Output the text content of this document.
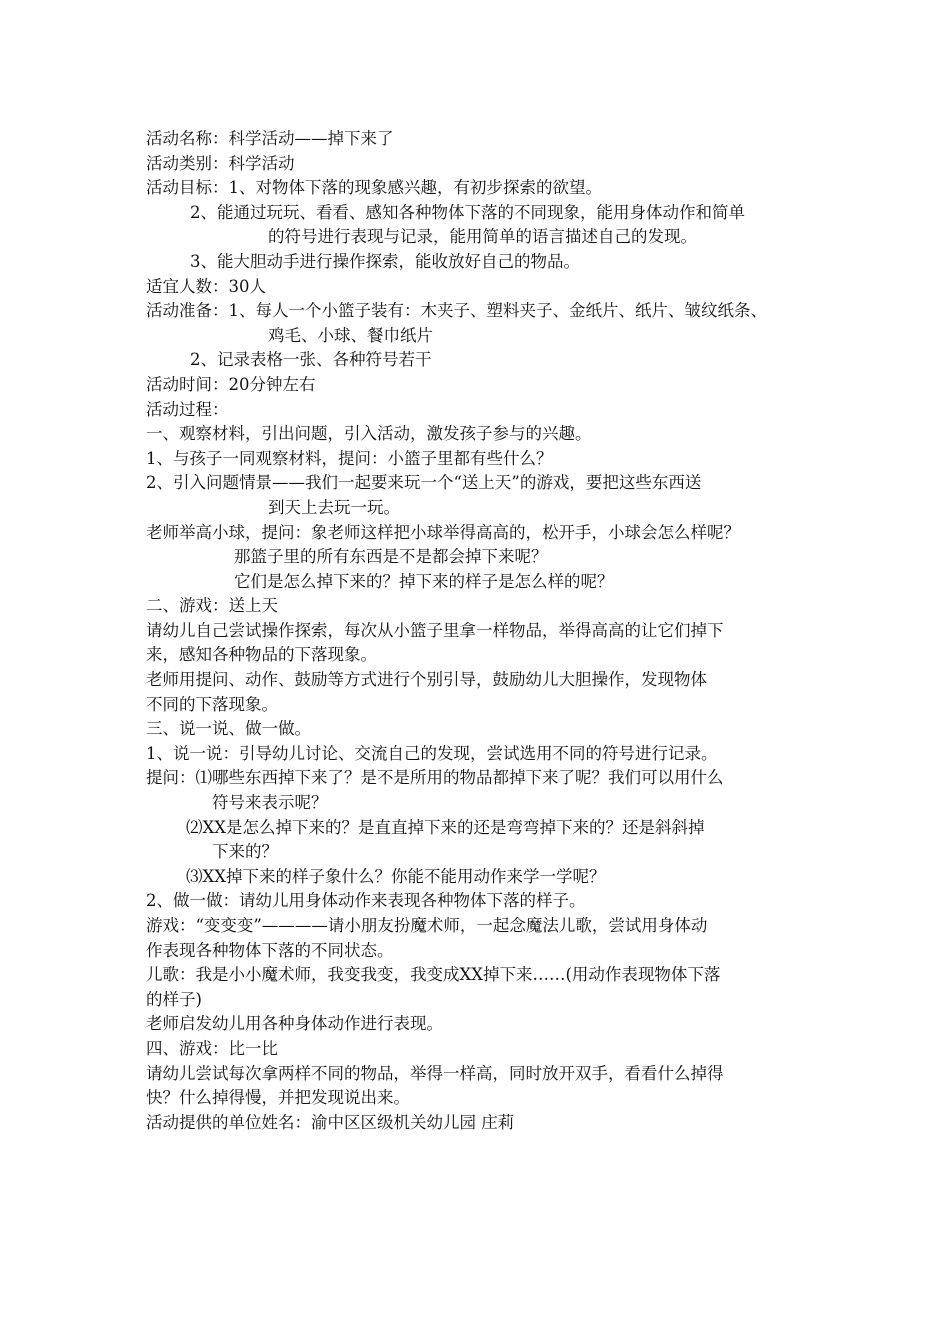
活动名称：科学活动——掉下来了
活动类别：科学活动
活动目标：1、对物体下落的现象感兴趣，有初步探索的欲望。
2、能通过玩玩、看看、感知各种物体下落的不同现象，能用身体动作和简单
的符号进行表现与记录，能用简单的语言描述自己的发现。
3、能大胆动手进行操作探索，能收放好自己的物品。
适宜人数：30人
活动准备：1、每人一个小篮子装有：木夹子、塑料夹子、金纸片、纸片、皱纹纸条、
鸡毛、小球、餐巾纸片
2、记录表格一张、各种符号若干
活动时间：20分钟左右
活动过程：
一、观察材料，引出问题，引入活动，激发孩子参与的兴趣。
1、与孩子一同观察材料，提问：小篮子里都有些什么？
2、引入问题情景——我们一起要来玩一个“送上天”的游戏，要把这些东西送
到天上去玩一玩。
老师举高小球，提问：象老师这样把小球举得高高的，松开手，小球会怎么样呢？
那篮子里的所有东西是不是都会掉下来呢？
它们是怎么掉下来的？掉下来的样子是怎么样的呢？
二、游戏：送上天
请幼儿自己尝试操作探索，每次从小篮子里拿一样物品，举得高高的让它们掉下
来，感知各种物品的下落现象。
老师用提问、动作、鼓励等方式进行个别引导，鼓励幼儿大胆操作，发现物体
不同的下落现象。
三、说一说、做一做。
1、说一说：引导幼儿讨论、交流自己的发现，尝试选用不同的符号进行记录。
提问：⑴哪些东西掉下来了？是不是所用的物品都掉下来了呢？我们可以用什么
符号来表示呢？
⑵XX是怎么掉下来的？是直直掉下来的还是弯弯掉下来的？还是斜斜掉
下来的？
⑶XX掉下来的样子象什么？你能不能用动作来学一学呢？
2、做一做：请幼儿用身体动作来表现各种物体下落的样子。
游戏：“变变变”————请小朋友扮魔术师，一起念魔法儿歌，尝试用身体动
作表现各种物体下落的不同状态。
儿歌：我是小小魔术师，我变我变，我变成XX掉下来……(用动作表现物体下落
的样子)
老师启发幼儿用各种身体动作进行表现。
四、游戏：比一比
请幼儿尝试每次拿两样不同的物品，举得一样高，同时放开双手，看看什么掉得
快？什么掉得慢，并把发现说出来。
活动提供的单位姓名：渝中区区级机关幼儿园 庄莉
